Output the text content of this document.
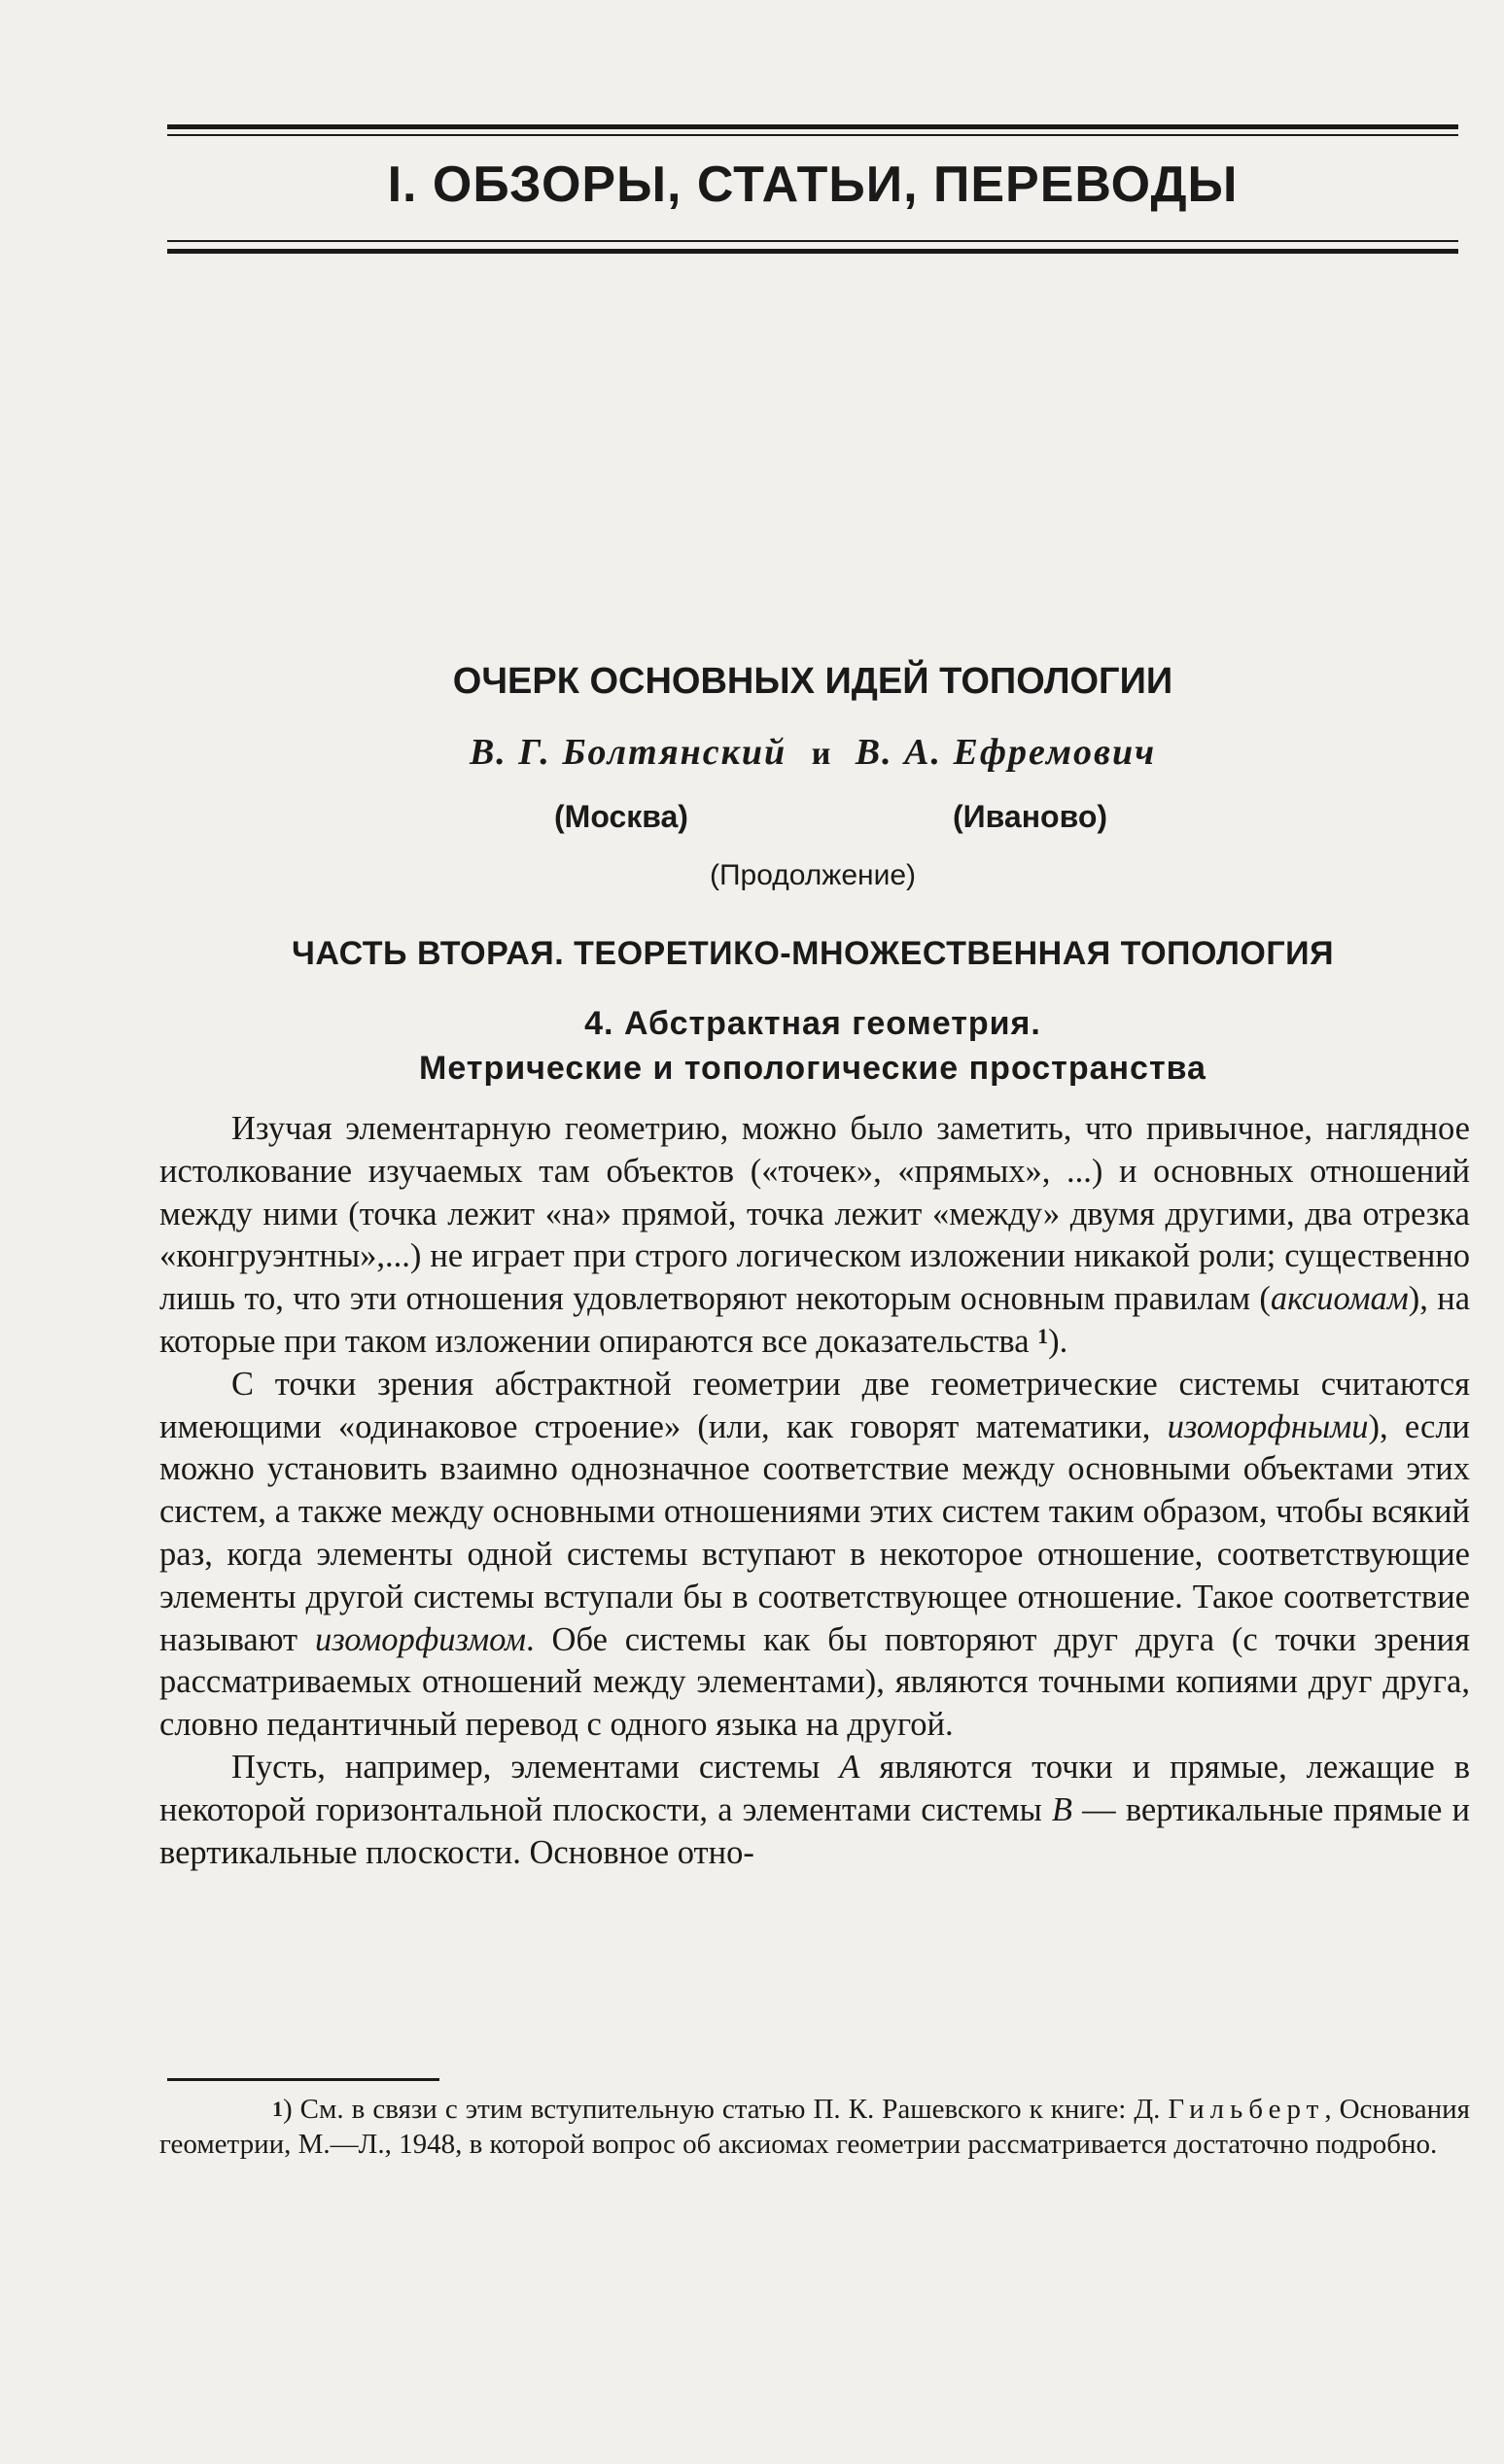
I. ОБЗОРЫ, СТАТЬИ, ПЕРЕВОДЫ
ОЧЕРК ОСНОВНЫХ ИДЕЙ ТОПОЛОГИИ
В. Г. Болтянский и В. А. Ефремович
(Москва)	(Иваново)
(Продолжение)
ЧАСТЬ ВТОРАЯ. ТЕОРЕТИКО-МНОЖЕСТВЕННАЯ ТОПОЛОГИЯ
4. Абстрактная геометрия.
Метрические и топологические пространства

Изучая элементарную геометрию, можно было заметить, что привычное, наглядное истолкование изучаемых там объектов («точек», «прямых», ...) и основных отношений между ними (точка лежит «на» прямой, точка лежит «между» двумя другими, два отрезка «конгруэнтны»,...) не играет при строго логическом изложении никакой роли; существенно лишь то, что эти отношения удовлетворяют некоторым основным правилам (аксиомам), на которые при таком изложении опираются все доказательства $^1$).

С точки зрения абстрактной геометрии две геометрические системы считаются имеющими «одинаковое строение» (или, как говорят математики, изоморфными), если можно установить взаимно однозначное соответствие между основными объектами этих систем, а также между основными отношениями этих систем таким образом, чтобы всякий раз, когда элементы одной системы вступают в некоторое отношение, соответствующие элементы другой системы вступали бы в соответствующее отношение. Такое соответствие называют изоморфизмом. Обе системы как бы повторяют друг друга (с точки зрения рассматриваемых отношений между элементами), являются точными копиями друг друга, словно педантичный перевод с одного языка на другой.

Пусть, например, элементами системы A являются точки и прямые, лежащие в некоторой горизонтальной плоскости, а элементами системы B — вертикальные прямые и вертикальные плоскости. Основное отно-

$^1$) См. в связи с этим вступительную статью П. К. Рашевского к книге: Д. Гильберт, Основания геометрии, М.—Л., 1948, в которой вопрос об аксиомах геометрии рассматривается достаточно подробно.
